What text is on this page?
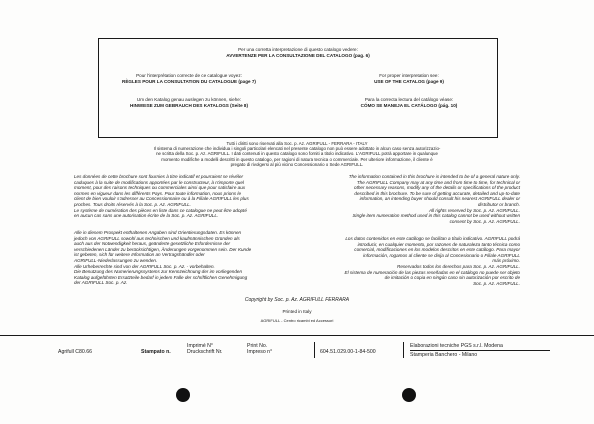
Per una corretta interpretazione di questo catalogo vedere:
AVVERTENZE PER LA CONSULTAZIONE DEL CATALOGO (pag. 6)
Pour l'interprétation correcte de ce catalogue voyez:
RÈGLES POUR LA CONSULTATION DU CATALOGUE (page 7)
For proper interpretation see:
USE OF THE CATALOG (page 9)
Um den Katalog genau auslegen zu können, siehe:
HINWEISE ZUM GEBRAUCH DES KATALOGS (Seite 8)
Para la correcta lectura del catálogo véase:
CÓMO SE MANEJA EL CATÁLOGO (pág. 10)
Tutti i diritti sono riservati alla Soc. p. Az. AGRIFULL - FERRARA - ITALY
Il sistema di numerazione che individua i singoli particolari elencati nel presente catalogo non può essere adottato in alcun caso senza autorizzazio-
ne scritta della Soc. p. Az. AGRIFULL. I dati contenuti in questo catalogo sono forniti a titolo indicativo. L'AGRIFULL potrà apportare in qualunque
momento modifiche a modelli descritti in questo catalogo, per ragioni di natura tecnica o commerciale. Per ulteriore informazione, il cliente è
pregato di rivolgersi al più vicino Concessionario o Sede AGRIFULL.
Les données de cette brochure sont fournies à titre indicatif et pourraient se révéler
caduques à la suite de modifications apportées par le constructeur, à n'importe quel
moment, pour des raisons techniques ou commerciales ainsi que pour satisfaire aux
normes en vigueur dans les différents Pays. Pour toute information, nous prions le
client de bien vouloir s'adresser au Concessionnaire ou à la Filiale AGRIFULL les plus
proches. Tous droits réservés à la Soc. p. Az. AGRIFULL.
Le système de numération des pièces en liste dans ce catalogue ne peut être adopté
en aucun cas sans une autorisation écrite de la Soc. p. Az. AGRIFULL.
Alle in diesem Prospekt enthaltenen Angaben sind Orientierungsdaten. Es können
jedoch von AGRIFULL sowohl aus technischen und kaufmännischen Gründen als
auch aus der Notwendigkeit heraus, geänderte gesetzliche Erfordernisse der
verschiedenen Länder zu berücksichtigen, Änderungen vorgenommen sein. Der Kunde
ist gebeten, sich für weitere Information an Vertragshändler oder
AGRIFULL-Niederlassungen zu wenden.
Alle Urheberrechte sind von der AGRIFULL Soc. p. Az. - vorbehalten.
Die Benutzung des Numerierungssystems zur Kennzeichnung der im vorliegenden
Katalog aufgeführten Ersatzteile bedarf in jedem Falle der schriftlichen Genehmigung
der AGRIFULL Soc. p. Az.
The information contained in this brochure is intended to be of a general nature only.
The AGRIFULL Company may at any time and from time to time, for technical or
other necessary reasons, modify any of the details or specifications of the product
described in this brochure. To be sure of getting accurate, detailed and up-to-date
information, an intending buyer should consult his nearest AGRIFULL dealer or
distributor or branch.
All rights reserved by Soc. p. Az. AGRIFULL.
Single item numeration method used in this catalog cannot be used without written
consent by Soc. p. Az. AGRIFULL.
Los datos contenidos en este catálogo se facilitan a título indicativo. AGRIFULL podrá
introducir, en cualquier momento, por razones de naturaleza tanto técnica como
comercial, modificaciones en los modelos descritos en este catálogo. Para mayor
información, rogamos al cliente se dirija al Concesionario o Filiale AGRIFULL
más próximo.
Reservados todos los derechos para Soc. p. Az. AGRIFULL.
El sistema de numeración de las piezas reseñadas en el catálogo no puede ser objeto
de imitación o copia en ningún caso sin autorización por escrito de
Soc. p. Az. AGRIFULL.
Copyright by Soc. p. Az. AGRIFULL FERRARA
Printed in Italy
AGRIFULL - Centro ricambi ed Accessori
Agrifull C80.66	Stampato n.
Imprimé N°
Druckschrift Nr.
Print No.
Impreso n°	604.51.029.00-1-84-500
Elaborazioni tecniche PGS s.r.l. Modena
Stamperia Banchero - Milano
